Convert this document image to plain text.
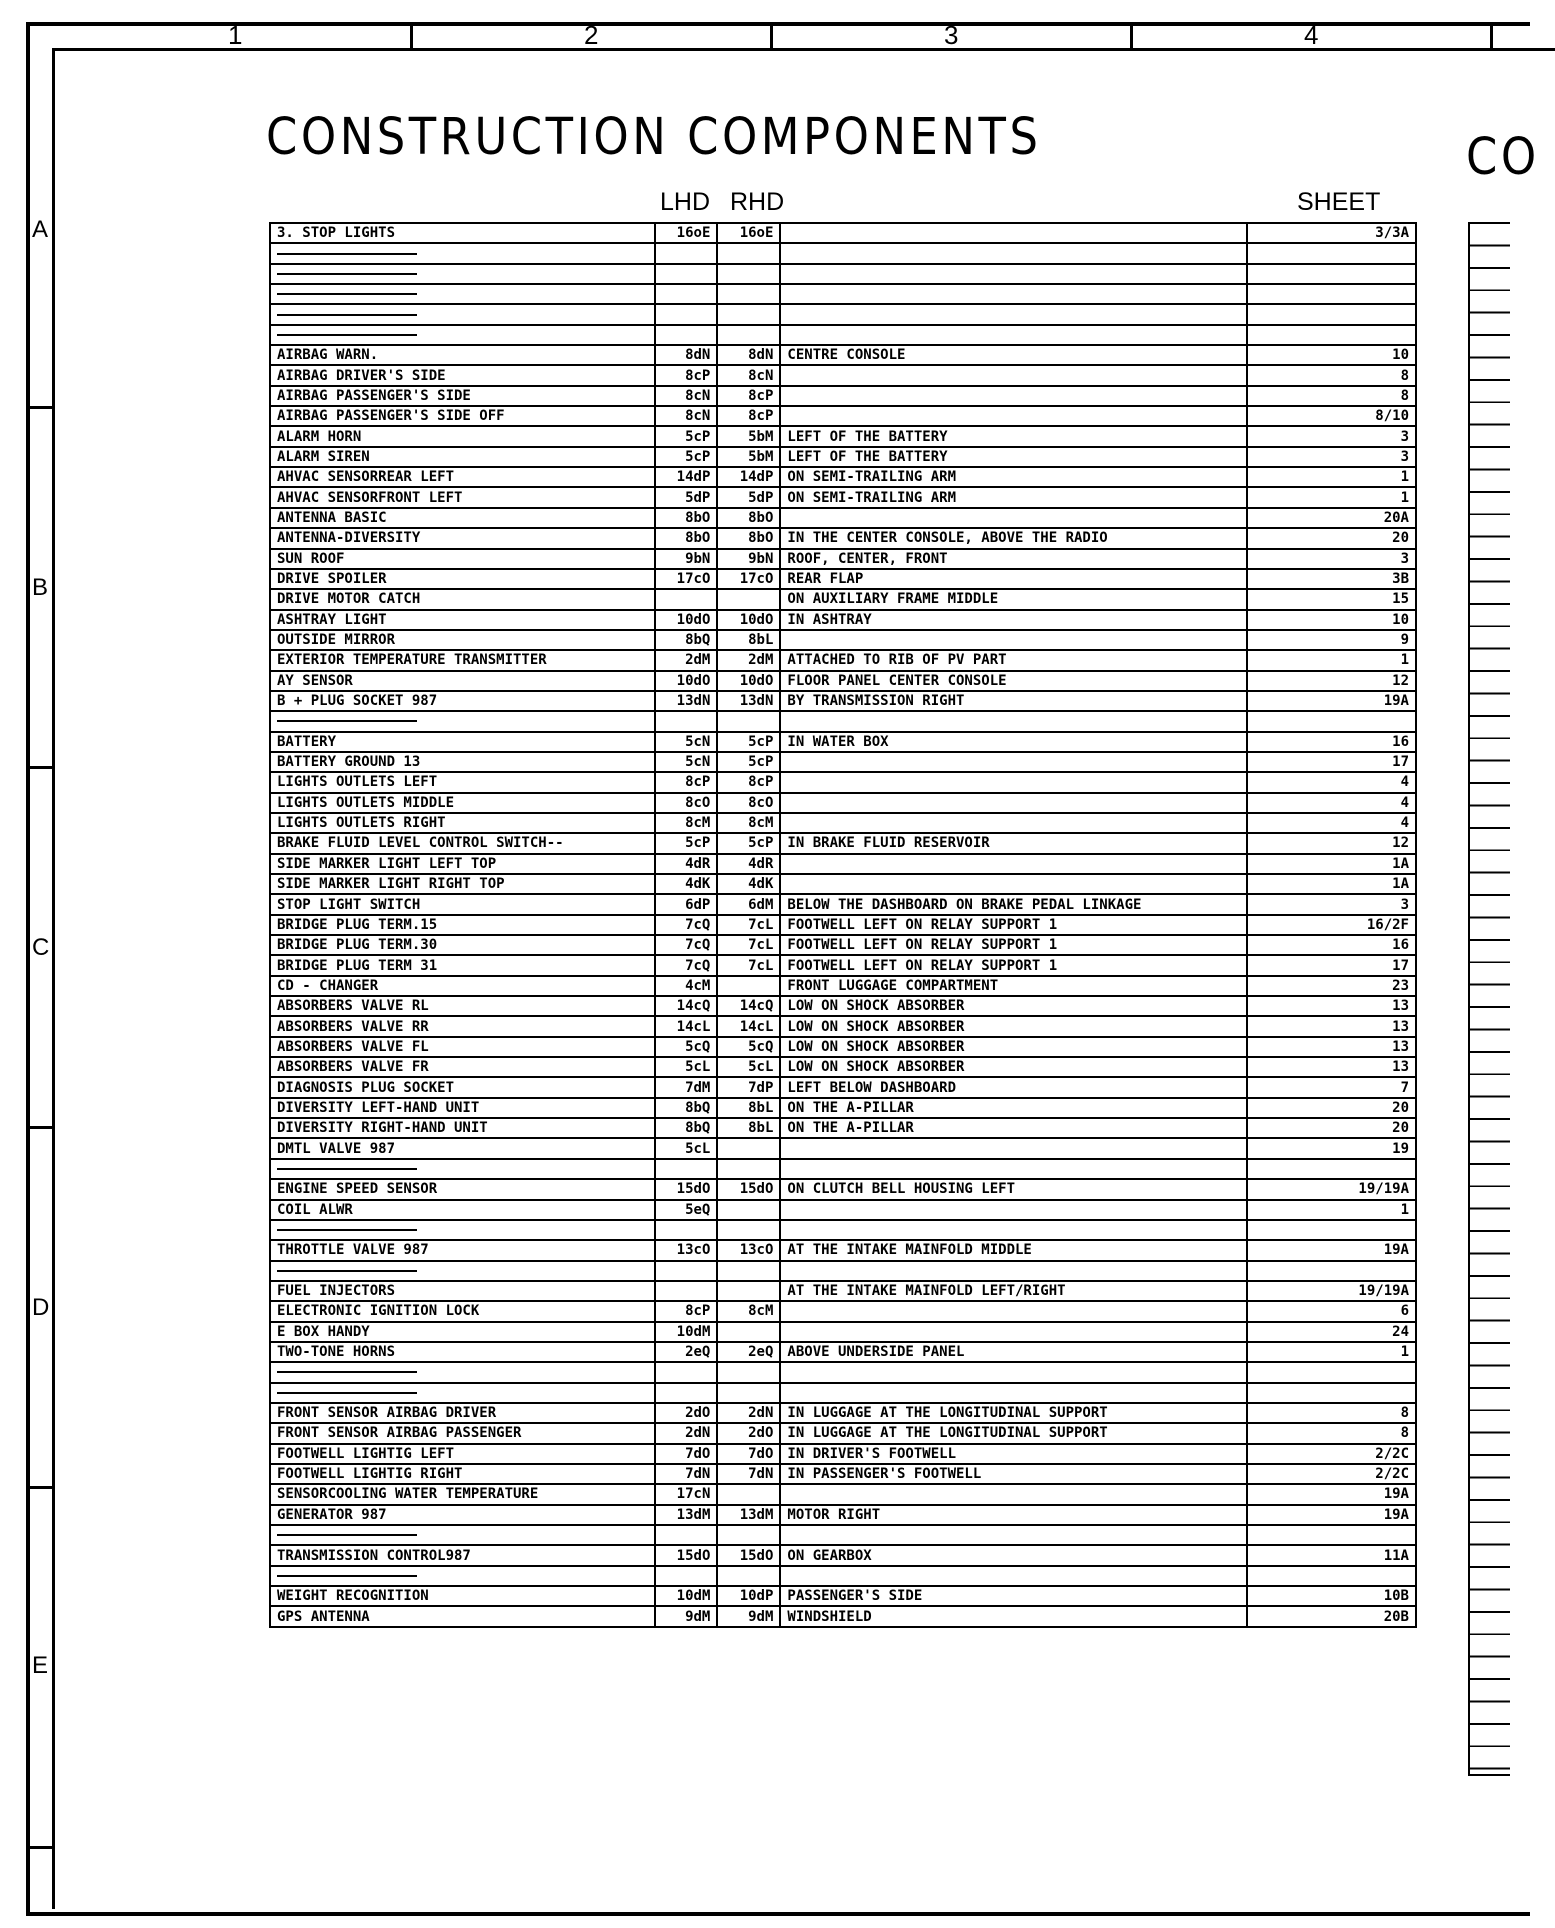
1	2	3	4
A
B
C
D
E
CONSTRUCTION COMPONENTS	CO
LHD RHD	SHEET
3. STOP LIGHTS	16oE	16oE		3/3A

AIRBAG WARN.	8dN	8dN	CENTRE CONSOLE	10
AIRBAG DRIVER'S SIDE	8cP	8cN		8
AIRBAG PASSENGER'S SIDE	8cN	8cP		8
AIRBAG PASSENGER'S SIDE OFF	8cN	8cP		8/10
ALARM HORN	5cP	5bM	LEFT OF THE BATTERY	3
ALARM SIREN	5cP	5bM	LEFT OF THE BATTERY	3
AHVAC SENSORREAR LEFT	14dP	14dP	ON SEMI-TRAILING ARM	1
AHVAC SENSORFRONT LEFT	5dP	5dP	ON SEMI-TRAILING ARM	1
ANTENNA BASIC	8bO	8bO		20A
ANTENNA-DIVERSITY	8bO	8bO	IN THE CENTER CONSOLE, ABOVE THE RADIO	20
SUN ROOF	9bN	9bN	ROOF, CENTER, FRONT	3
DRIVE SPOILER	17cO	17cO	REAR FLAP	3B
DRIVE MOTOR CATCH			ON AUXILIARY FRAME MIDDLE	15
ASHTRAY LIGHT	10dO	10dO	IN ASHTRAY	10
OUTSIDE MIRROR	8bQ	8bL		9
EXTERIOR TEMPERATURE TRANSMITTER	2dM	2dM	ATTACHED TO RIB OF PV PART	1
AY SENSOR	10dO	10dO	FLOOR PANEL CENTER CONSOLE	12
B + PLUG SOCKET 987	13dN	13dN	BY TRANSMISSION RIGHT	19A

BATTERY	5cN	5cP	IN WATER BOX	16
BATTERY GROUND 13	5cN	5cP		17
LIGHTS OUTLETS LEFT	8cP	8cP		4
LIGHTS OUTLETS MIDDLE	8cO	8cO		4
LIGHTS OUTLETS RIGHT	8cM	8cM		4
BRAKE FLUID LEVEL CONTROL SWITCH--	5cP	5cP	IN BRAKE FLUID RESERVOIR	12
SIDE MARKER LIGHT LEFT TOP	4dR	4dR		1A
SIDE MARKER LIGHT RIGHT TOP	4dK	4dK		1A
STOP LIGHT SWITCH	6dP	6dM	BELOW THE DASHBOARD ON BRAKE PEDAL LINKAGE	3
BRIDGE PLUG TERM.15	7cQ	7cL	FOOTWELL LEFT ON RELAY SUPPORT 1	16/2F
BRIDGE PLUG TERM.30	7cQ	7cL	FOOTWELL LEFT ON RELAY SUPPORT 1	16
BRIDGE PLUG TERM 31	7cQ	7cL	FOOTWELL LEFT ON RELAY SUPPORT 1	17
CD - CHANGER	4cM		FRONT LUGGAGE COMPARTMENT	23
ABSORBERS VALVE RL	14cQ	14cQ	LOW ON SHOCK ABSORBER	13
ABSORBERS VALVE RR	14cL	14cL	LOW ON SHOCK ABSORBER	13
ABSORBERS VALVE FL	5cQ	5cQ	LOW ON SHOCK ABSORBER	13
ABSORBERS VALVE FR	5cL	5cL	LOW ON SHOCK ABSORBER	13
DIAGNOSIS PLUG SOCKET	7dM	7dP	LEFT BELOW DASHBOARD	7
DIVERSITY LEFT-HAND UNIT	8bQ	8bL	ON THE A-PILLAR	20
DIVERSITY RIGHT-HAND UNIT	8bQ	8bL	ON THE A-PILLAR	20
DMTL VALVE 987	5cL			19

ENGINE SPEED SENSOR	15dO	15dO	ON CLUTCH BELL HOUSING LEFT	19/19A
COIL ALWR	5eQ			1

THROTTLE VALVE 987	13cO	13cO	AT THE INTAKE MAINFOLD MIDDLE	19A

FUEL INJECTORS			AT THE INTAKE MAINFOLD LEFT/RIGHT	19/19A
ELECTRONIC IGNITION LOCK	8cP	8cM		6
E BOX HANDY	10dM			24
TWO-TONE HORNS	2eQ	2eQ	ABOVE UNDERSIDE PANEL	1

FRONT SENSOR AIRBAG DRIVER	2dO	2dN	IN LUGGAGE AT THE LONGITUDINAL SUPPORT	8
FRONT SENSOR AIRBAG PASSENGER	2dN	2dO	IN LUGGAGE AT THE LONGITUDINAL SUPPORT	8
FOOTWELL LIGHTIG LEFT	7dO	7dO	IN DRIVER'S FOOTWELL	2/2C
FOOTWELL LIGHTIG RIGHT	7dN	7dN	IN PASSENGER'S FOOTWELL	2/2C
SENSORCOOLING WATER TEMPERATURE	17cN			19A
GENERATOR 987	13dM	13dM	MOTOR RIGHT	19A

TRANSMISSION CONTROL987	15dO	15dO	ON GEARBOX	11A

WEIGHT RECOGNITION	10dM	10dP	PASSENGER'S SIDE	10B
GPS ANTENNA	9dM	9dM	WINDSHIELD	20B
